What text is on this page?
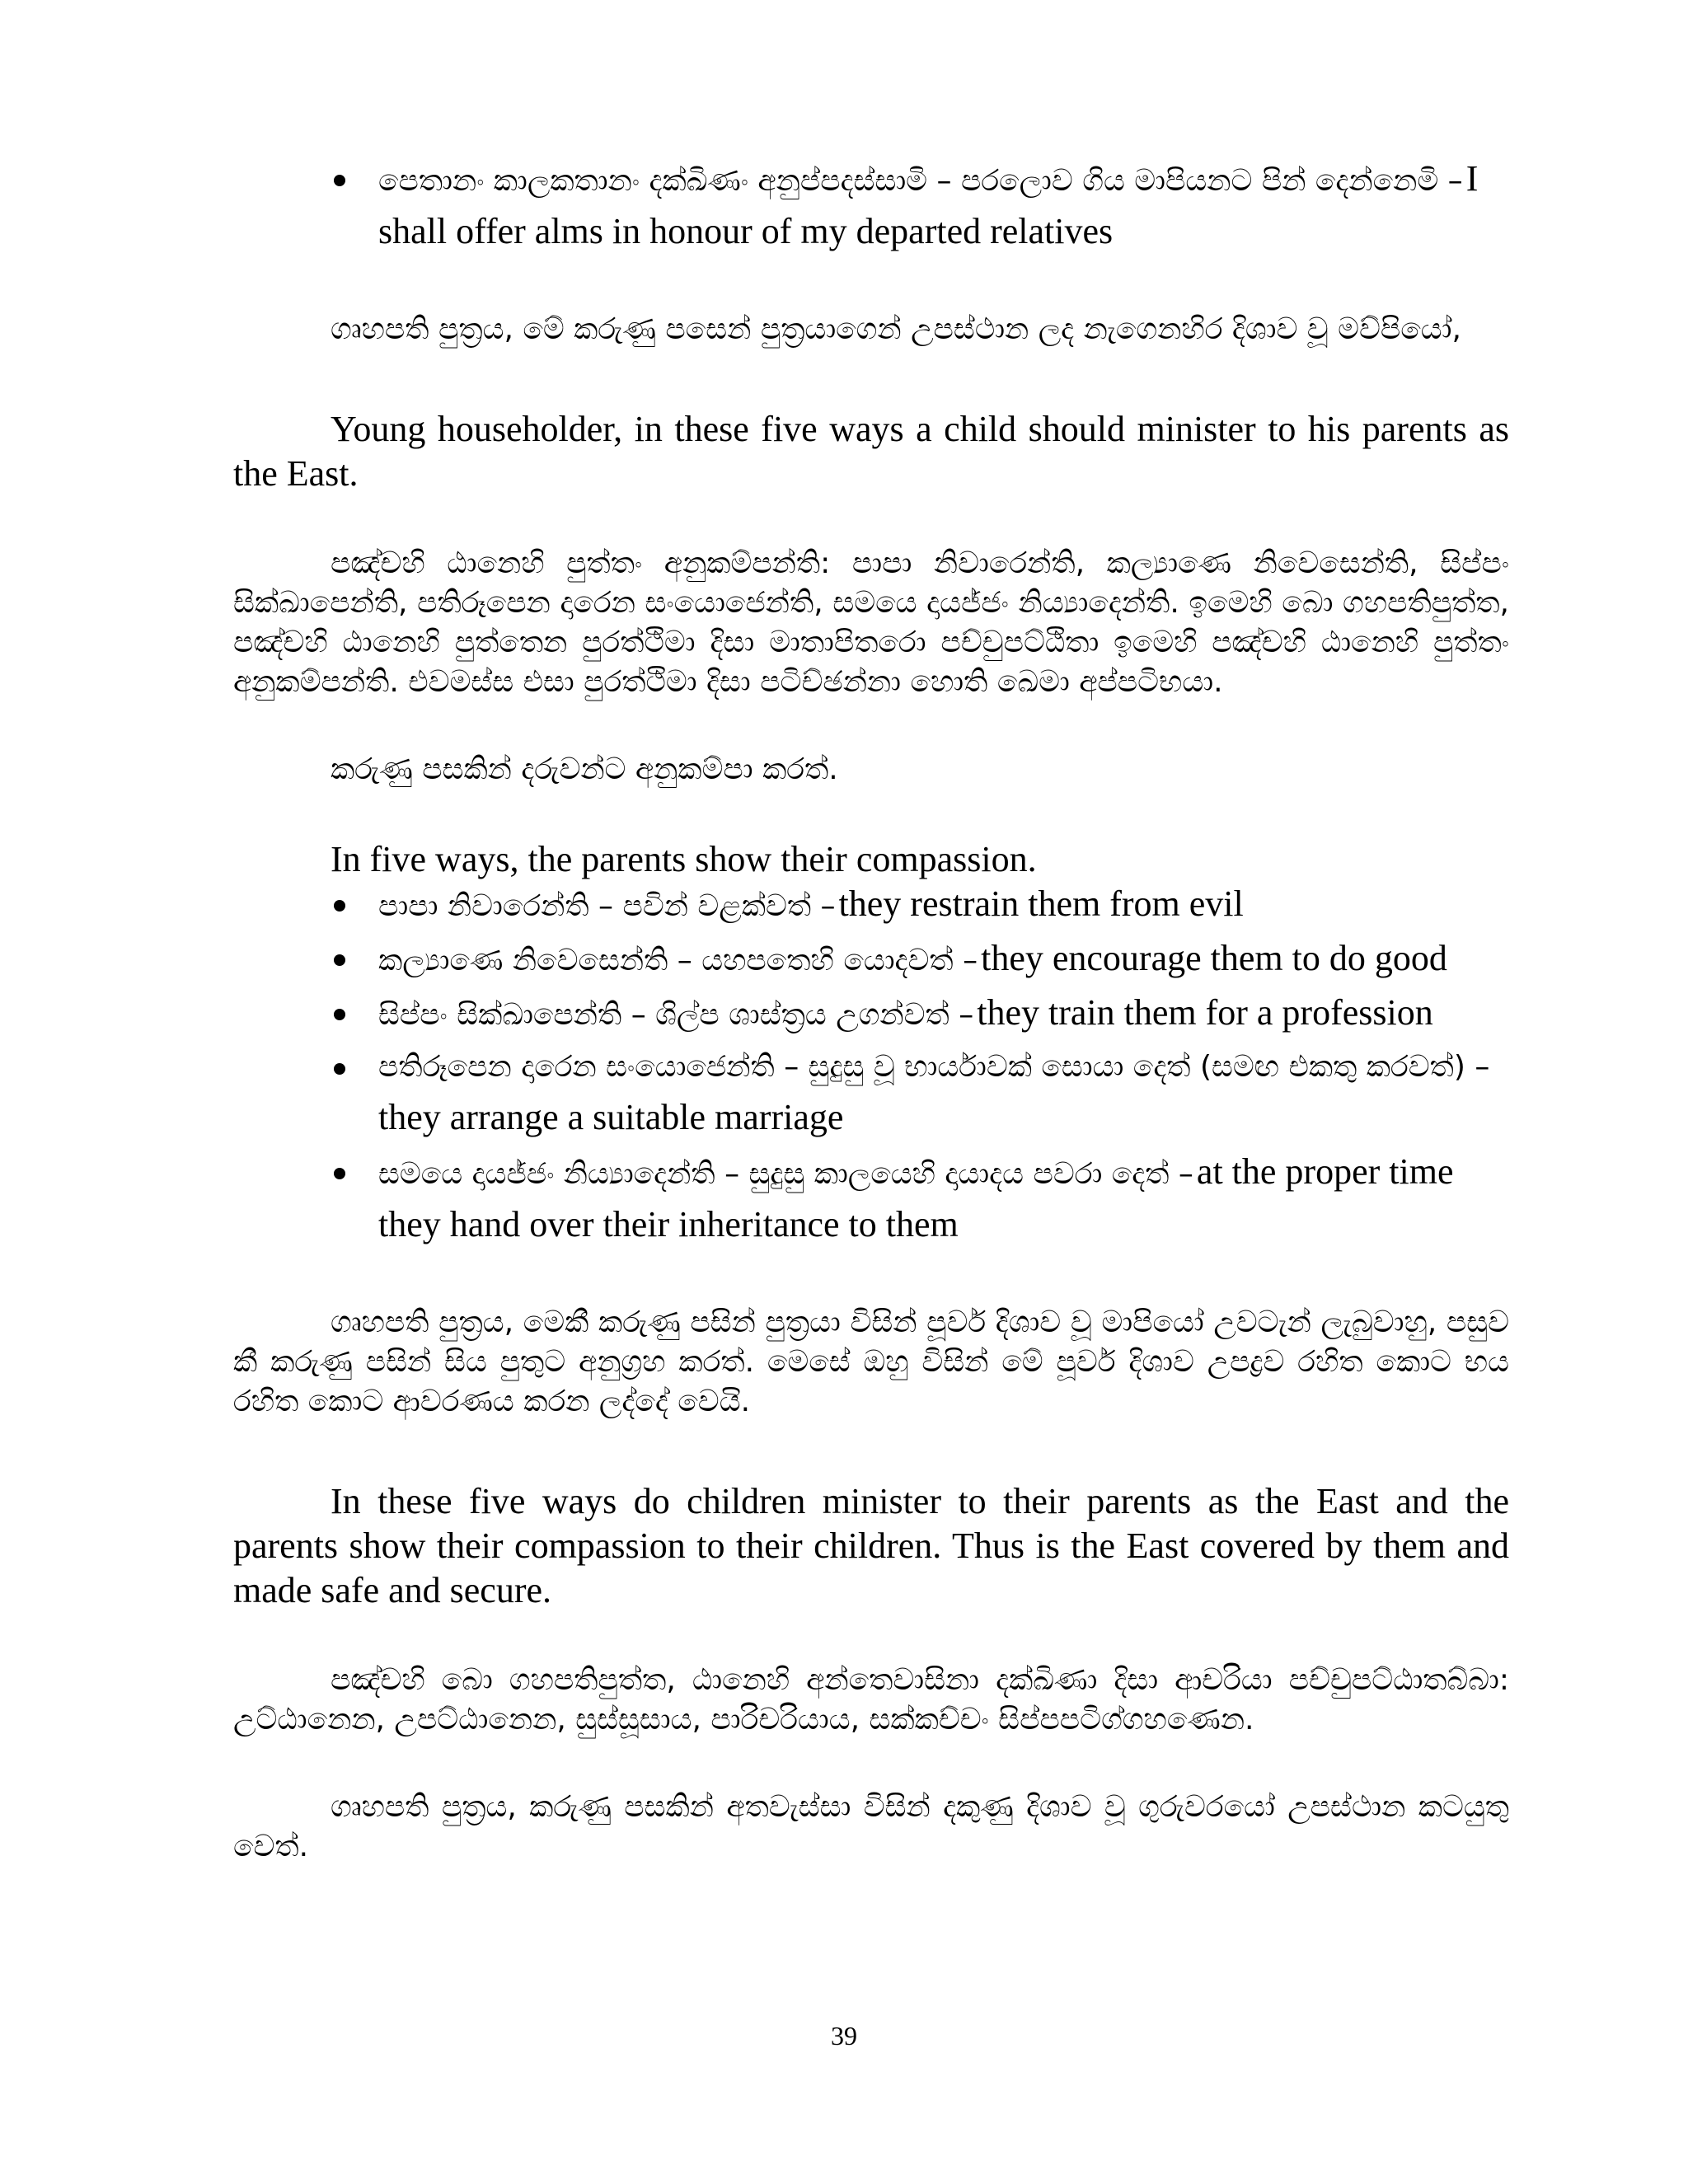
පෙතානං කාලකතානං දක්ඛිණං අනුප්පදස්සාමි – පරලොව ගිය මාපියනට පින් දෙන්නෙමි – I shall offer alms in honour of my departed relatives

ගෘහපති පුත්‍රය, මේ කරුණු පසෙන් පුත්‍රයාගෙන් උපස්ථාන ලද නැගෙනහිර දිශාව වූ මව්පියෝ,

Young householder, in these five ways a child should minister to his parents as the East.

පඤ්චහි ඨානෙහි පුත්තං අනුකම්පන්ති: පාපා නිවාරෙන්ති, කල්‍යාණෙ නිවෙසෙන්ති, සිප්පං සික්ඛාපෙන්ති, පතිරූපෙන දාරෙන සංයොජෙන්ති, සමයෙ දායජ්ජං නිය්‍යාදෙන්ති. ඉමෙහි බො ගහපතිපුත්ත, පඤ්චහි ඨානෙහි පුත්තෙන පුරත්ථිමා දිසා මාතාපිතරො පච්චුපට්ඨිතා ඉමෙහි පඤ්චහි ඨානෙහි පුත්තං අනුකම්පන්ති. එවමස්ස එසා පුරත්ථිමා දිසා පටිච්ඡන්නා හොති ඛෙමා අප්පටිභයා.

කරුණු පසකින් දරුවන්ට අනුකම්පා කරත්.

In five ways, the parents show their compassion.

පාපා නිවාරෙන්ති – පවින් වළක්වත් – they restrain them from evil
කල්‍යාණෙ නිවෙසෙන්ති – යහපතෙහි යොදවත් – they encourage them to do good
සිප්පං සික්ඛාපෙන්ති – ශිල්ප ශාස්ත්‍රය උගන්වත් – they train them for a profession
පතිරූපෙන දාරෙන සංයොජෙන්ති – සුදුසු වූ භාර්යාවක් සොයා දෙත් (සමඟ එකතු කරවත්) – they arrange a suitable marriage
සමයෙ දායජ්ජං නිය්‍යාදෙන්ති – සුදුසු කාලයෙහි දායාදය පවරා දෙත් – at the proper time they hand over their inheritance to them

ගෘහපති පුත්‍රය, මෙකී කරුණු පසින් පුත්‍රයා විසින් පූර්ව දිශාව වූ මාපියෝ උවටැන් ලැබුවාහු, පසුව කී කරුණු පසින් සිය පුතුට අනුග්‍රහ කරත්. මෙසේ ඔහු විසින් මේ පූර්ව දිශාව උපද්‍රව රහිත කොට භය රහිත කොට ආවරණය කරන ලද්දේ වෙයි.

In these five ways do children minister to their parents as the East and the parents show their compassion to their children. Thus is the East covered by them and made safe and secure.

පඤ්චහි බො ගහපතිපුත්ත, ඨානෙහි අන්තෙවාසිනා දක්ඛිණා දිසා ආචරියා පච්චුපට්ඨාතබ්බා: උට්ඨානෙන, උපට්ඨානෙන, සුස්සූසාය, පාරිචරියාය, සක්කච්චං සිප්පපටිග්ගහණෙන.

ගෘහපති පුත්‍රය, කරුණු පසකින් අතවැස්සා විසින් දකුණු දිශාව වූ ගුරුවරයෝ උපස්ථාන කටයුතු වෙත්.

39
